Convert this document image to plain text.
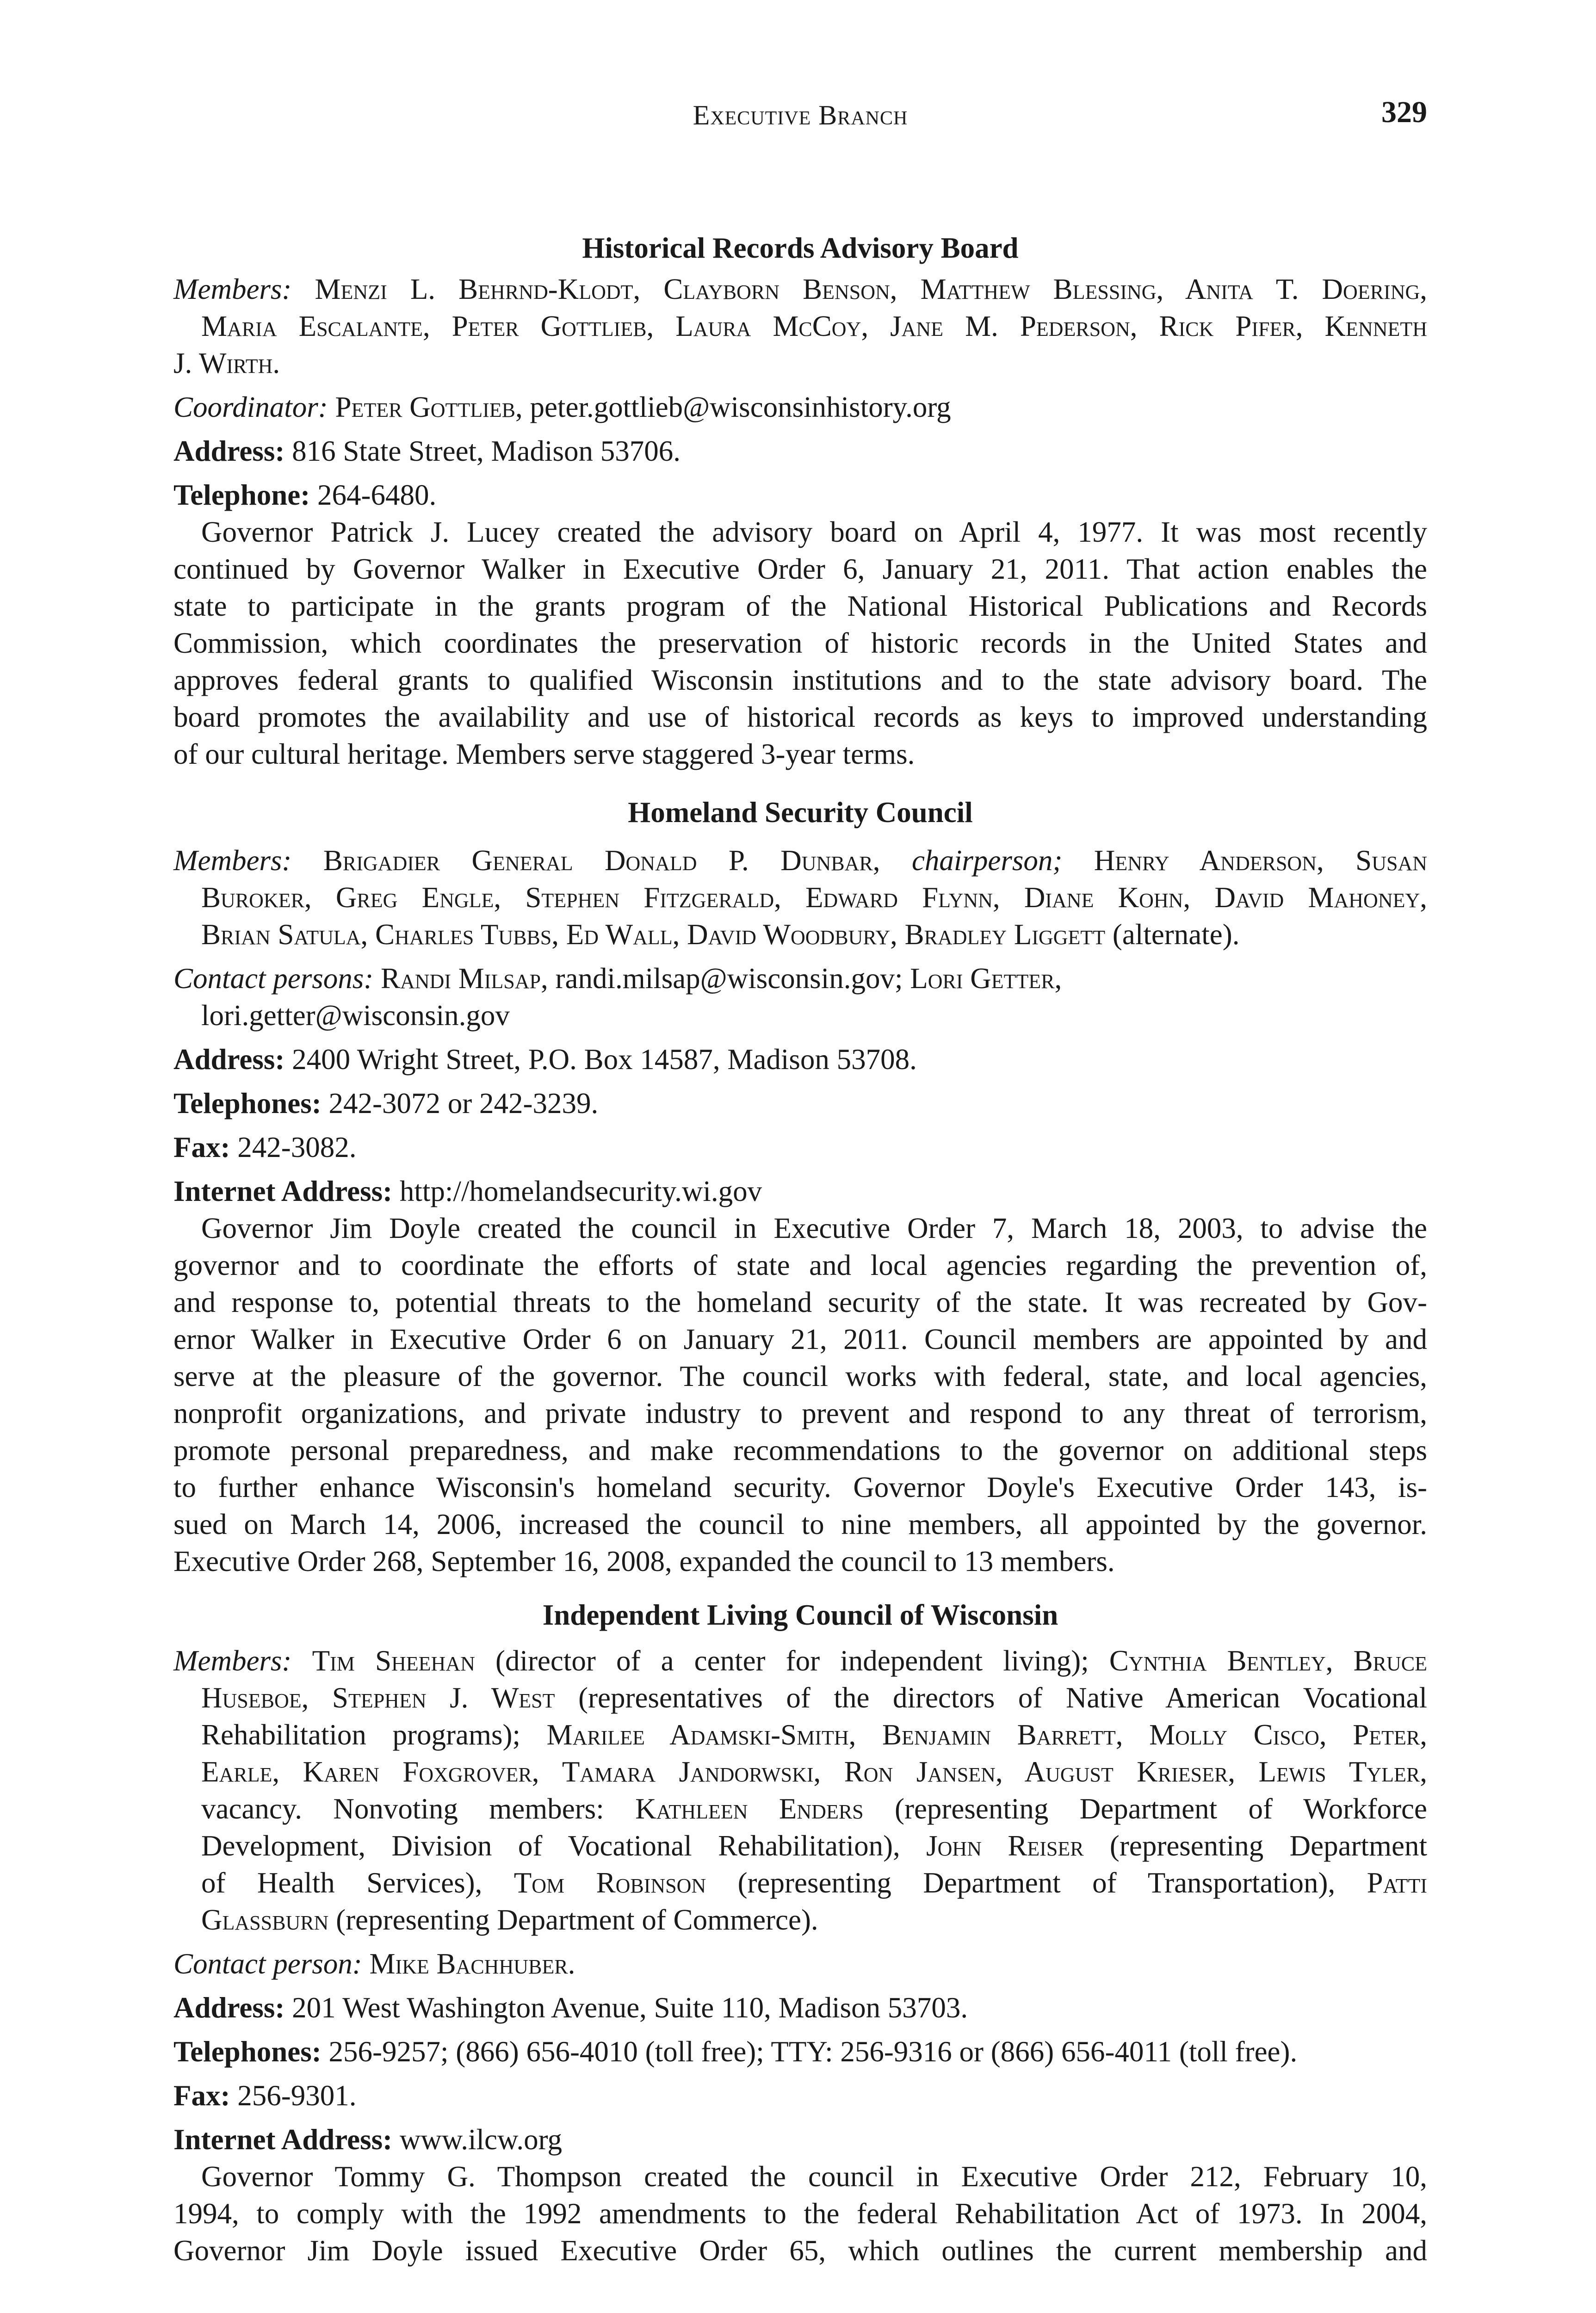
Executive Branch	329
Historical Records Advisory Board
Members: Menzi L. Behrnd-Klodt, Clayborn Benson, Matthew Blessing, Anita T. Doering,
Maria Escalante, Peter Gottlieb, Laura McCoy, Jane M. Pederson, Rick Pifer, Kenneth
J. Wirth.
Coordinator: Peter Gottlieb, peter.gottlieb@wisconsinhistory.org
Address: 816 State Street, Madison 53706.
Telephone: 264-6480.
Governor Patrick J. Lucey created the advisory board on April 4, 1977. It was most recently
continued by Governor Walker in Executive Order 6, January 21, 2011. That action enables the
state to participate in the grants program of the National Historical Publications and Records
Commission, which coordinates the preservation of historic records in the United States and
approves federal grants to qualified Wisconsin institutions and to the state advisory board. The
board promotes the availability and use of historical records as keys to improved understanding
of our cultural heritage. Members serve staggered 3-year terms.
Homeland Security Council
Members: Brigadier General Donald P. Dunbar, chairperson; Henry Anderson, Susan
Buroker, Greg Engle, Stephen Fitzgerald, Edward Flynn, Diane Kohn, David Mahoney,
Brian Satula, Charles Tubbs, Ed Wall, David Woodbury, Bradley Liggett (alternate).
Contact persons: Randi Milsap, randi.milsap@wisconsin.gov; Lori Getter,
lori.getter@wisconsin.gov
Address: 2400 Wright Street, P.O. Box 14587, Madison 53708.
Telephones: 242-3072 or 242-3239.
Fax: 242-3082.
Internet Address: http://homelandsecurity.wi.gov
Governor Jim Doyle created the council in Executive Order 7, March 18, 2003, to advise the
governor and to coordinate the efforts of state and local agencies regarding the prevention of,
and response to, potential threats to the homeland security of the state. It was recreated by Gov-
ernor Walker in Executive Order 6 on January 21, 2011. Council members are appointed by and
serve at the pleasure of the governor. The council works with federal, state, and local agencies,
nonprofit organizations, and private industry to prevent and respond to any threat of terrorism,
promote personal preparedness, and make recommendations to the governor on additional steps
to further enhance Wisconsin's homeland security. Governor Doyle's Executive Order 143, is-
sued on March 14, 2006, increased the council to nine members, all appointed by the governor.
Executive Order 268, September 16, 2008, expanded the council to 13 members.
Independent Living Council of Wisconsin
Members: Tim Sheehan (director of a center for independent living); Cynthia Bentley, Bruce
Huseboe, Stephen J. West (representatives of the directors of Native American Vocational
Rehabilitation programs); Marilee Adamski-Smith, Benjamin Barrett, Molly Cisco, Peter,
Earle, Karen Foxgrover, Tamara Jandorwski, Ron Jansen, August Krieser, Lewis Tyler,
vacancy. Nonvoting members: Kathleen Enders (representing Department of Workforce
Development, Division of Vocational Rehabilitation), John Reiser (representing Department
of Health Services), Tom Robinson (representing Department of Transportation), Patti
Glassburn (representing Department of Commerce).
Contact person: Mike Bachhuber.
Address: 201 West Washington Avenue, Suite 110, Madison 53703.
Telephones: 256-9257; (866) 656-4010 (toll free); TTY: 256-9316 or (866) 656-4011 (toll free).
Fax: 256-9301.
Internet Address: www.ilcw.org
Governor Tommy G. Thompson created the council in Executive Order 212, February 10,
1994, to comply with the 1992 amendments to the federal Rehabilitation Act of 1973. In 2004,
Governor Jim Doyle issued Executive Order 65, which outlines the current membership and
